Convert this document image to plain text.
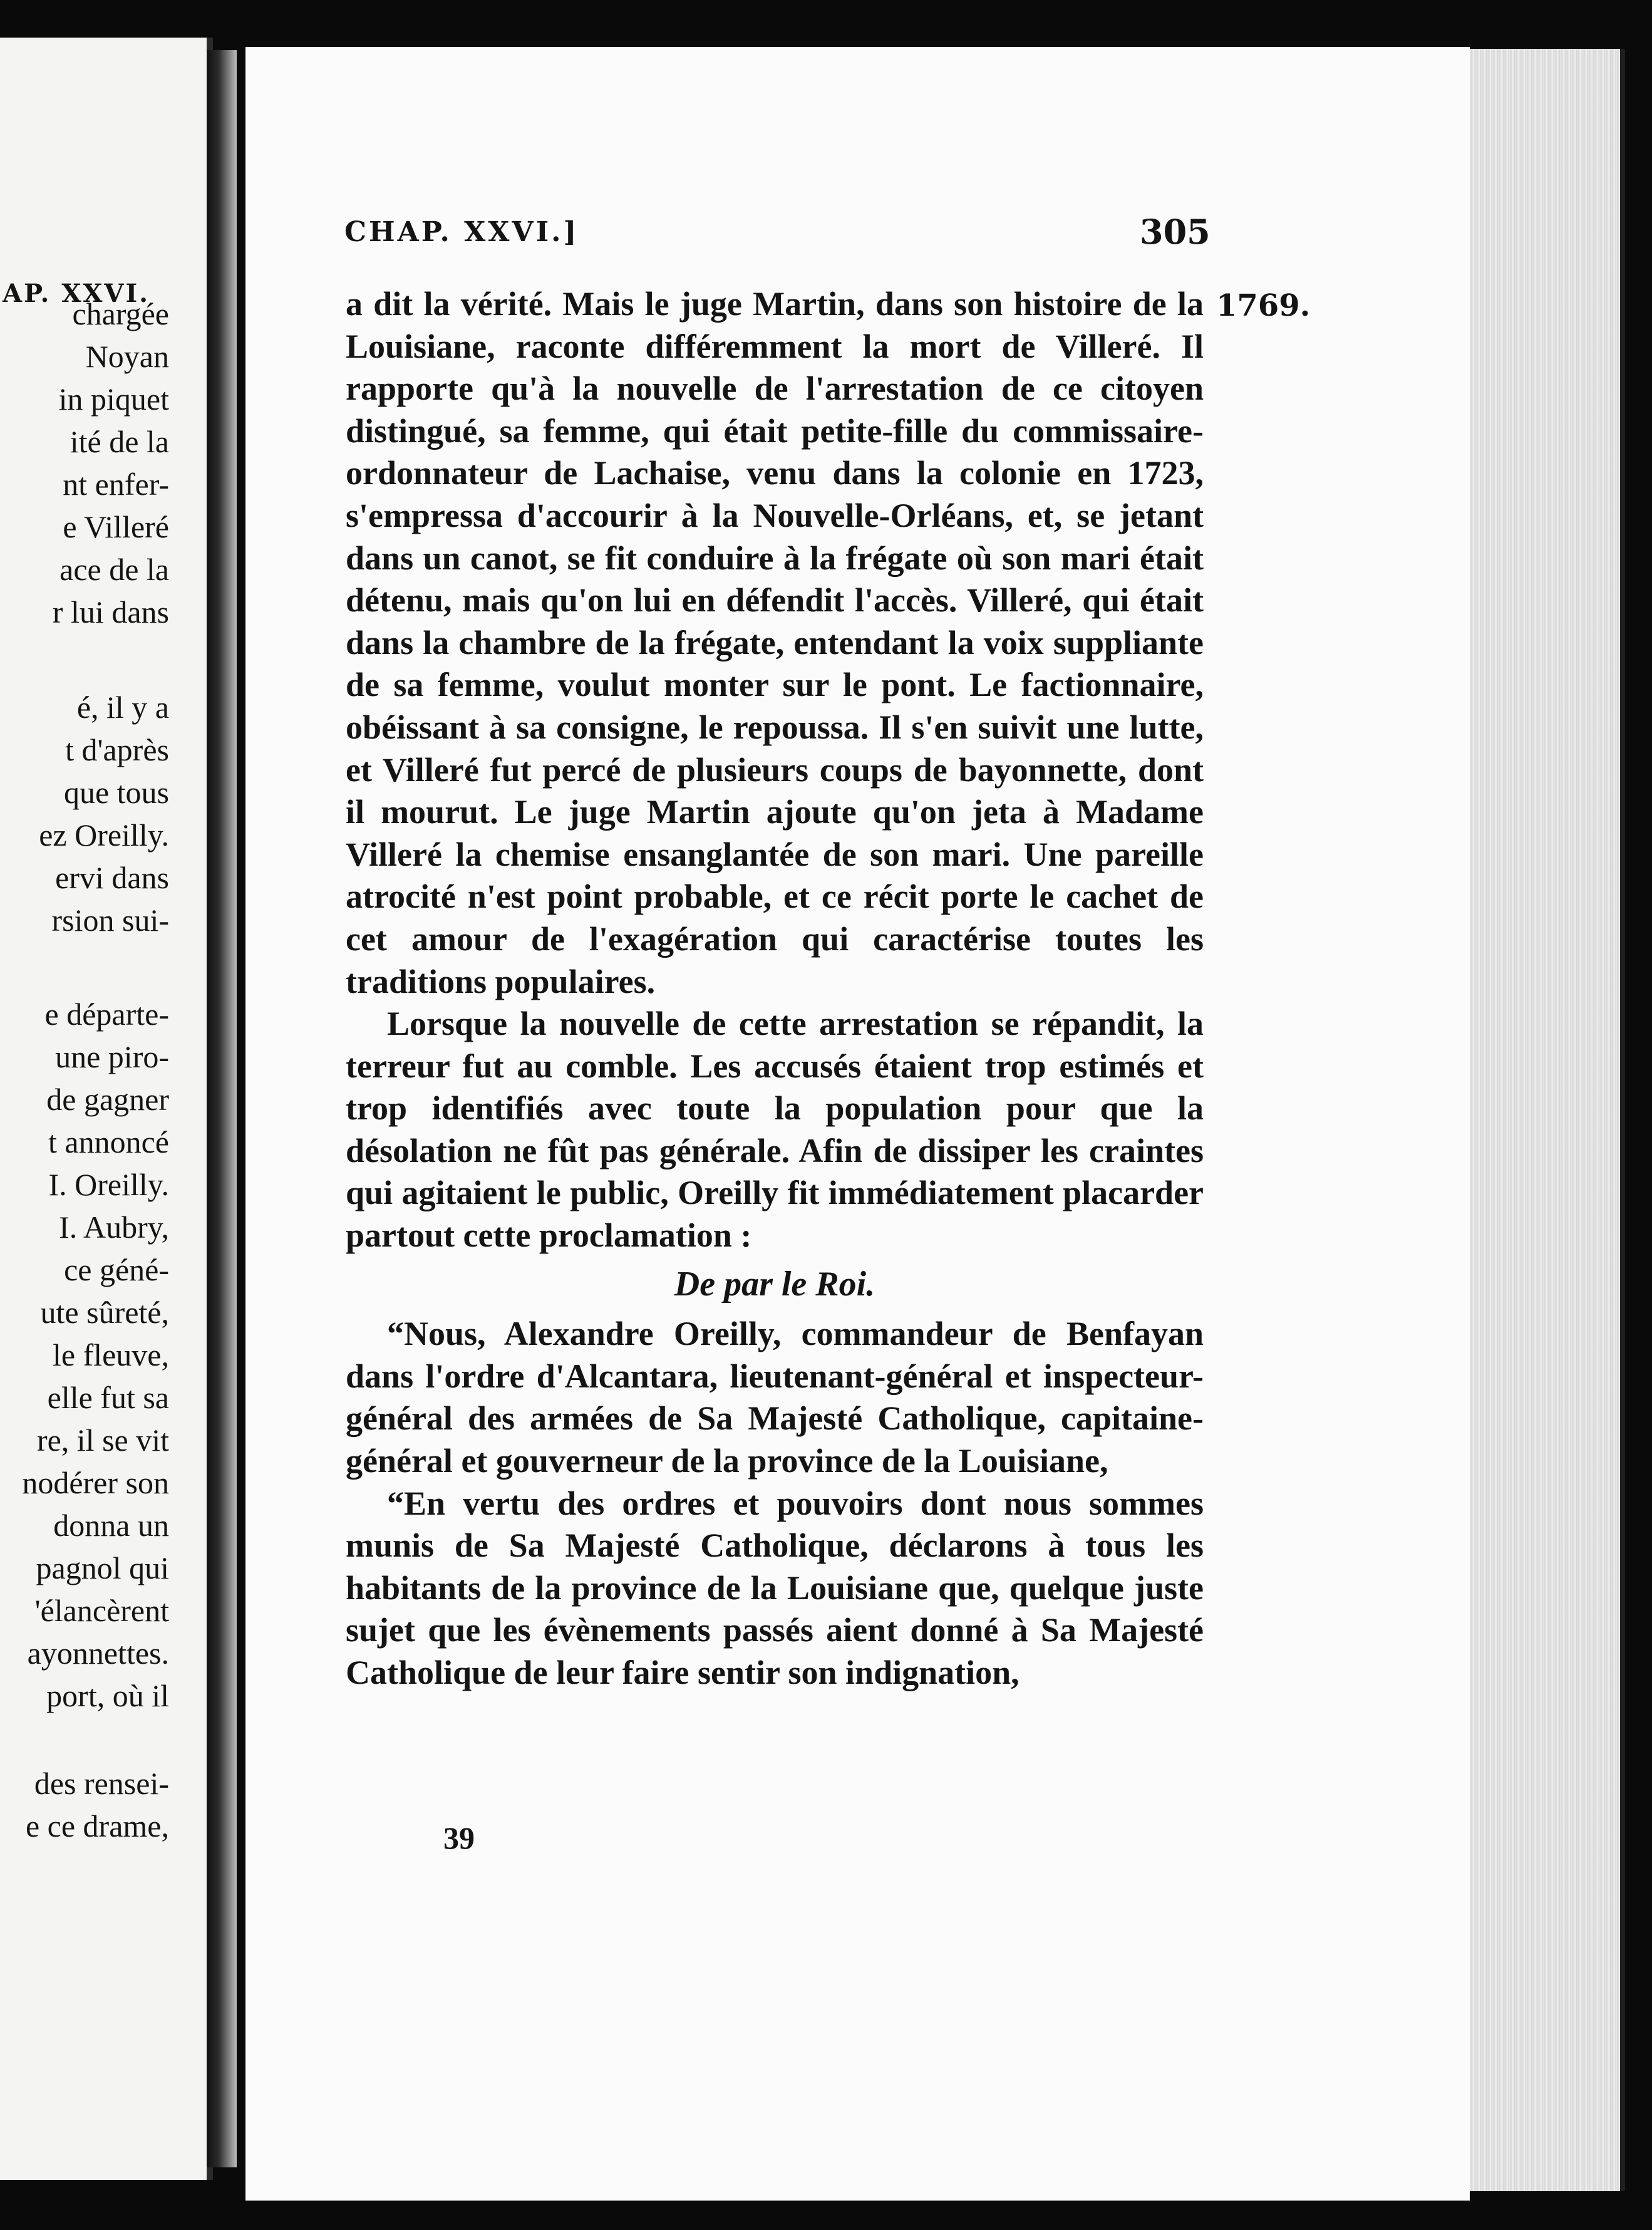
AP. XXVI.
chargée
Noyan
in piquet
ité de la
nt enfer-
e Villeré
ace de la
r lui dans
é, il y a
t d'après
que tous
ez Oreilly.
ervi dans
rsion sui-
e départe-
une piro-
de gagner
t annoncé
I. Oreilly.
I. Aubry,
ce géné-
ute sûreté,
le fleuve,
elle fut sa
re, il se vit
nodérer son
donna un
pagnol qui
'élancèrent
ayonnettes.
port, où il
des rensei-
e ce drame,
CHAP. XXVI.]	305
1769.

a dit la vérité. Mais le juge Martin, dans son histoire de la Louisiane, raconte différemment la mort de Villeré. Il rapporte qu'à la nouvelle de l'arrestation de ce citoyen distingué, sa femme, qui était petite-fille du commissaire-ordonnateur de Lachaise, venu dans la colonie en 1723, s'empressa d'accourir à la Nouvelle-Orléans, et, se jetant dans un canot, se fit conduire à la frégate où son mari était détenu, mais qu'on lui en défendit l'accès. Villeré, qui était dans la chambre de la frégate, entendant la voix suppliante de sa femme, voulut monter sur le pont. Le factionnaire, obéissant à sa consigne, le repoussa. Il s'en suivit une lutte, et Villeré fut percé de plusieurs coups de bayonnette, dont il mourut. Le juge Martin ajoute qu'on jeta à Madame Villeré la chemise ensanglantée de son mari. Une pareille atrocité n'est point probable, et ce récit porte le cachet de cet amour de l'exagération qui caractérise toutes les traditions populaires.

Lorsque la nouvelle de cette arrestation se répandit, la terreur fut au comble. Les accusés étaient trop estimés et trop identifiés avec toute la population pour que la désolation ne fût pas générale. Afin de dissiper les craintes qui agitaient le public, Oreilly fit immédiatement placarder partout cette proclamation :

De par le Roi.

“Nous, Alexandre Oreilly, commandeur de Benfayan dans l'ordre d'Alcantara, lieutenant-général et inspecteur-général des armées de Sa Majesté Catholique, capitaine-général et gouverneur de la province de la Louisiane,

“En vertu des ordres et pouvoirs dont nous sommes munis de Sa Majesté Catholique, déclarons à tous les habitants de la province de la Louisiane que, quelque juste sujet que les évènements passés aient donné à Sa Majesté Catholique de leur faire sentir son indignation,

39
